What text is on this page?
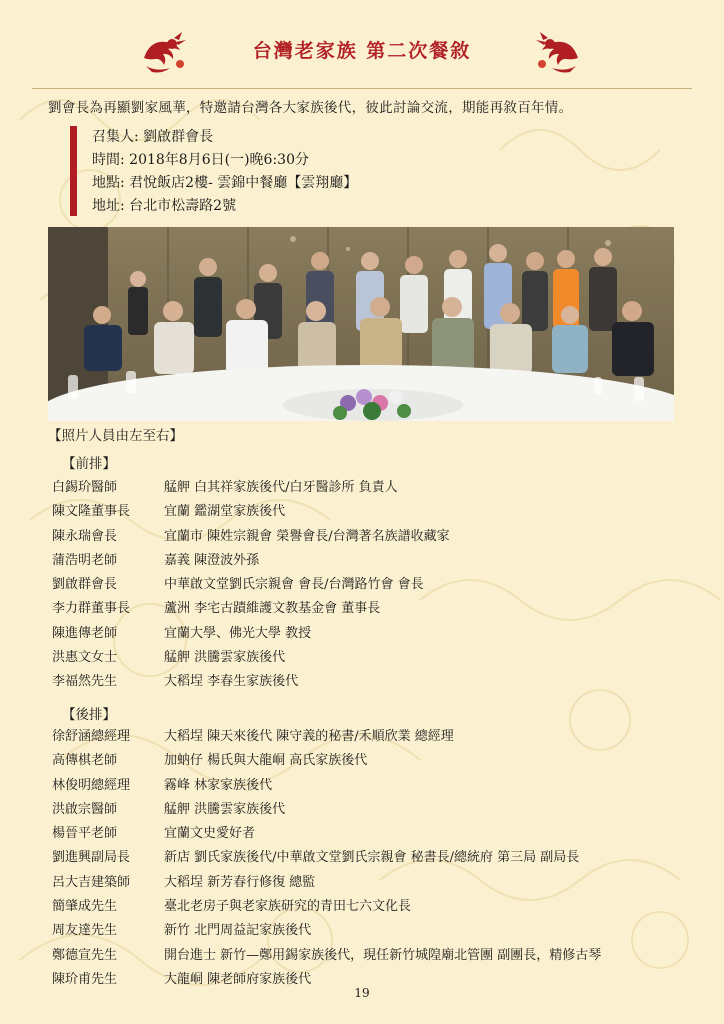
台灣老家族 第二次餐敘
劉會長為再顯劉家風華，特邀請台灣各大家族後代，彼此討論交流，期能再敘百年情。
召集人: 劉啟群會長
時間: 2018年8月6日(一)晚6:30分
地點: 君悅飯店2樓- 雲錦中餐廳【雲翔廳】
地址: 台北市松壽路2號
【照片人員由左至右】
【前排】
白錫玠醫師	艋舺 白其祥家族後代/白牙醫診所 負責人
陳文隆董事長	宜蘭 鑑湖堂家族後代
陳永瑞會長	宜蘭市 陳姓宗親會 榮譽會長/台灣著名族譜收藏家
蒲浩明老師	嘉義 陳澄波外孫
劉啟群會長	中華啟文堂劉氏宗親會 會長/台灣路竹會 會長
李力群董事長	蘆洲 李宅古蹟維護文教基金會 董事長
陳進傳老師	宜蘭大學、佛光大學 教授
洪惠文女士	艋舺 洪騰雲家族後代
李福然先生	大稻埕 李春生家族後代
【後排】
徐舒涵總經理	大稻埕 陳天來後代 陳守義的秘書/禾順欣業 總經理
高傳棋老師	加蚋仔 楊氏與大龍峒 高氏家族後代
林俊明總經理	霧峰 林家家族後代
洪啟宗醫師	艋舺 洪騰雲家族後代
楊晉平老師	宜蘭文史愛好者
劉進興副局長	新店 劉氏家族後代/中華啟文堂劉氏宗親會 秘書長/總統府 第三局 副局長
呂大吉建築師	大稻埕 新芳春行修復 總監
簡肇成先生	臺北老房子與老家族研究的青田七六文化長
周友達先生	新竹 北門周益記家族後代
鄭德宣先生	開台進士 新竹—鄭用錫家族後代，現任新竹城隍廟北管團 副團長，精修古琴
陳玠甫先生	大龍峒 陳老師府家族後代
19
